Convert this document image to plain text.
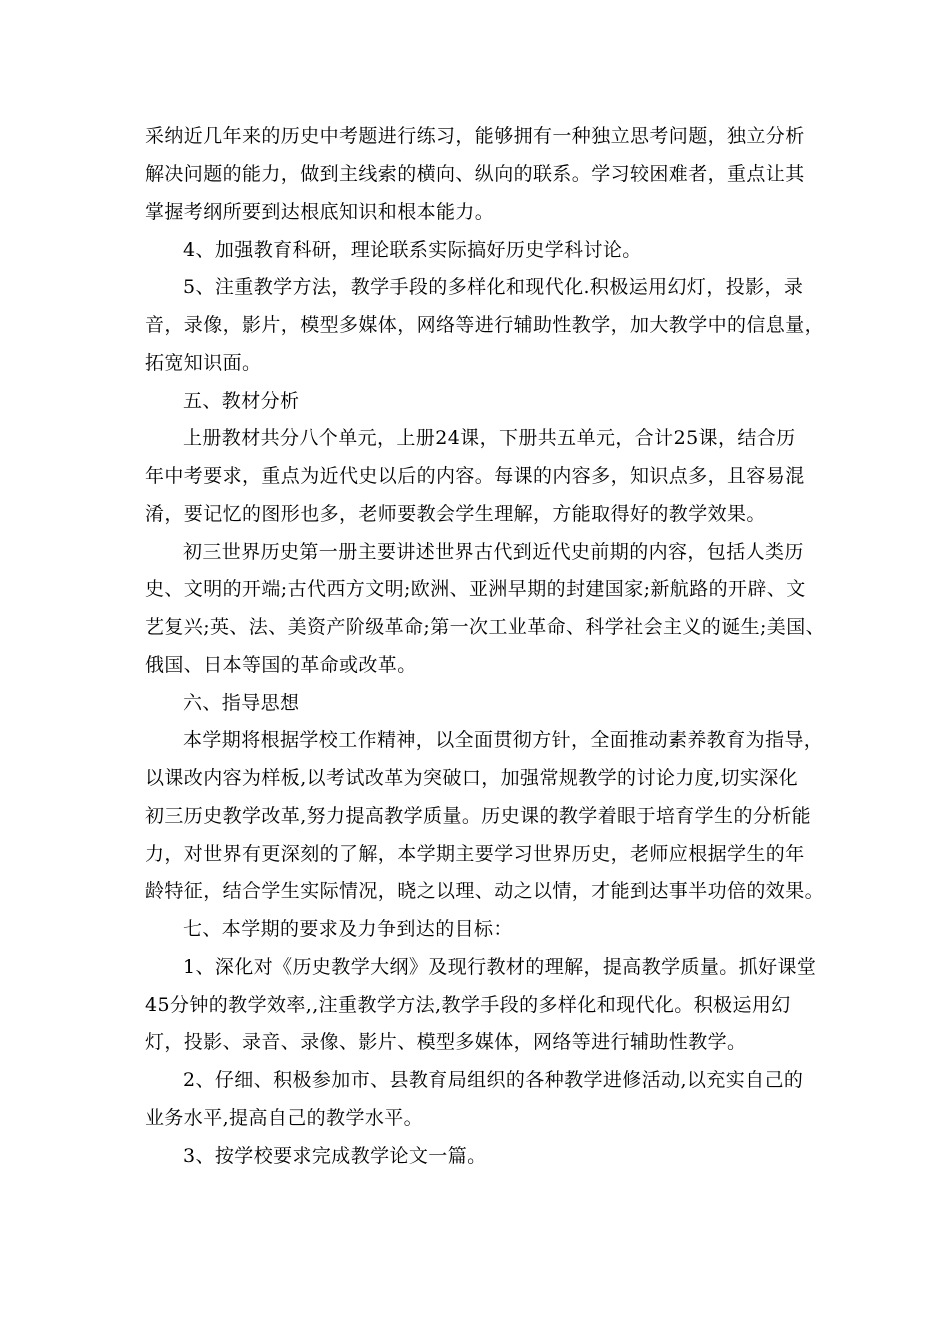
采纳近几年来的历史中考题进行练习，能够拥有一种独立思考问题，独立分析
解决问题的能力，做到主线索的横向、纵向的联系。学习较困难者，重点让其
掌握考纲所要到达根底知识和根本能力。
4、加强教育科研，理论联系实际搞好历史学科讨论。
5、注重教学方法，教学手段的多样化和现代化.积极运用幻灯，投影，录
音，录像，影片，模型多媒体，网络等进行辅助性教学，加大教学中的信息量，
拓宽知识面。
五、教材分析
上册教材共分八个单元，上册24课，下册共五单元，合计25课，结合历
年中考要求，重点为近代史以后的内容。每课的内容多，知识点多，且容易混
淆，要记忆的图形也多，老师要教会学生理解，方能取得好的教学效果。
初三世界历史第一册主要讲述世界古代到近代史前期的内容，包括人类历
史、文明的开端;古代西方文明;欧洲、亚洲早期的封建国家;新航路的开辟、文
艺复兴;英、法、美资产阶级革命;第一次工业革命、科学社会主义的诞生;美国、
俄国、日本等国的革命或改革。
六、指导思想
本学期将根据学校工作精神，以全面贯彻方针，全面推动素养教育为指导，
以课改内容为样板,以考试改革为突破口，加强常规教学的讨论力度,切实深化
初三历史教学改革,努力提高教学质量。历史课的教学着眼于培育学生的分析能
力，对世界有更深刻的了解，本学期主要学习世界历史，老师应根据学生的年
龄特征，结合学生实际情况，晓之以理、动之以情，才能到达事半功倍的效果。
七、本学期的要求及力争到达的目标：
1、深化对《历史教学大纲》及现行教材的理解，提高教学质量。抓好课堂
45分钟的教学效率,,注重教学方法,教学手段的多样化和现代化。积极运用幻
灯，投影、录音、录像、影片、模型多媒体，网络等进行辅助性教学。
2、仔细、积极参加市、县教育局组织的各种教学进修活动,以充实自己的
业务水平,提高自己的教学水平。
3、按学校要求完成教学论文一篇。
